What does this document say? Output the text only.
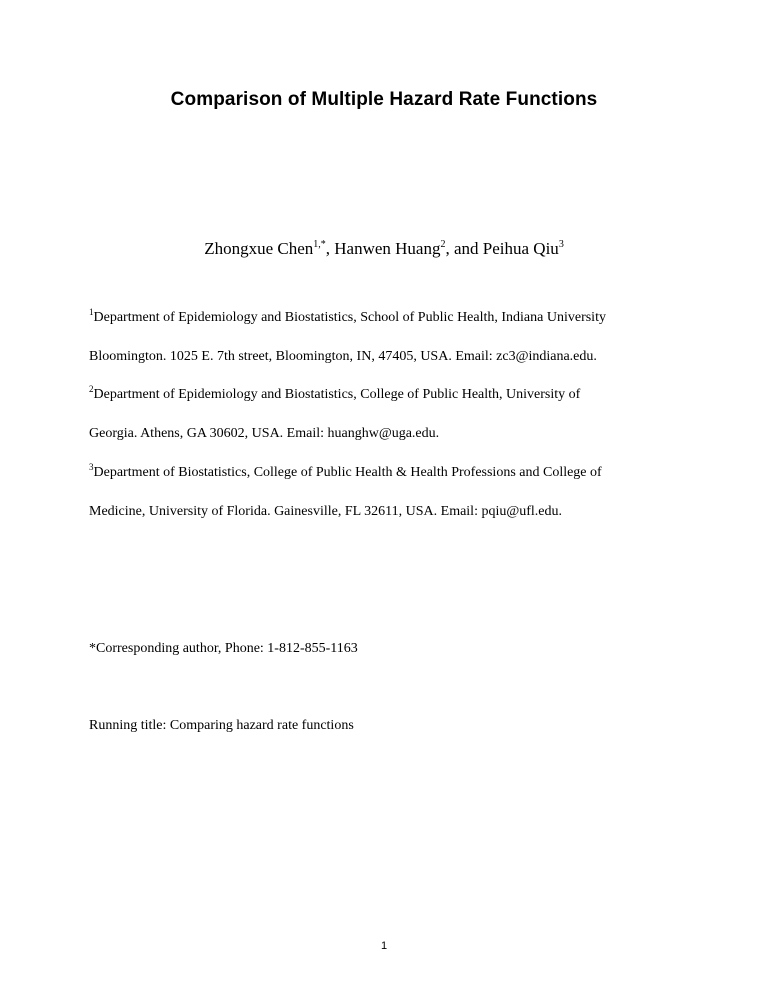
Comparison of Multiple Hazard Rate Functions
Zhongxue Chen$^{1,*}$, Hanwen Huang$^2$, and Peihua Qiu$^3$
$^1$Department of Epidemiology and Biostatistics, School of Public Health, Indiana University
Bloomington. 1025 E. 7th street, Bloomington, IN, 47405, USA. Email: zc3@indiana.edu.
$^2$Department of Epidemiology and Biostatistics, College of Public Health, University of
Georgia. Athens, GA 30602, USA. Email: huanghw@uga.edu.
$^3$Department of Biostatistics, College of Public Health & Health Professions and College of
Medicine, University of Florida. Gainesville, FL 32611, USA. Email: pqiu@ufl.edu.
*Corresponding author, Phone: 1-812-855-1163
Running title: Comparing hazard rate functions
1
